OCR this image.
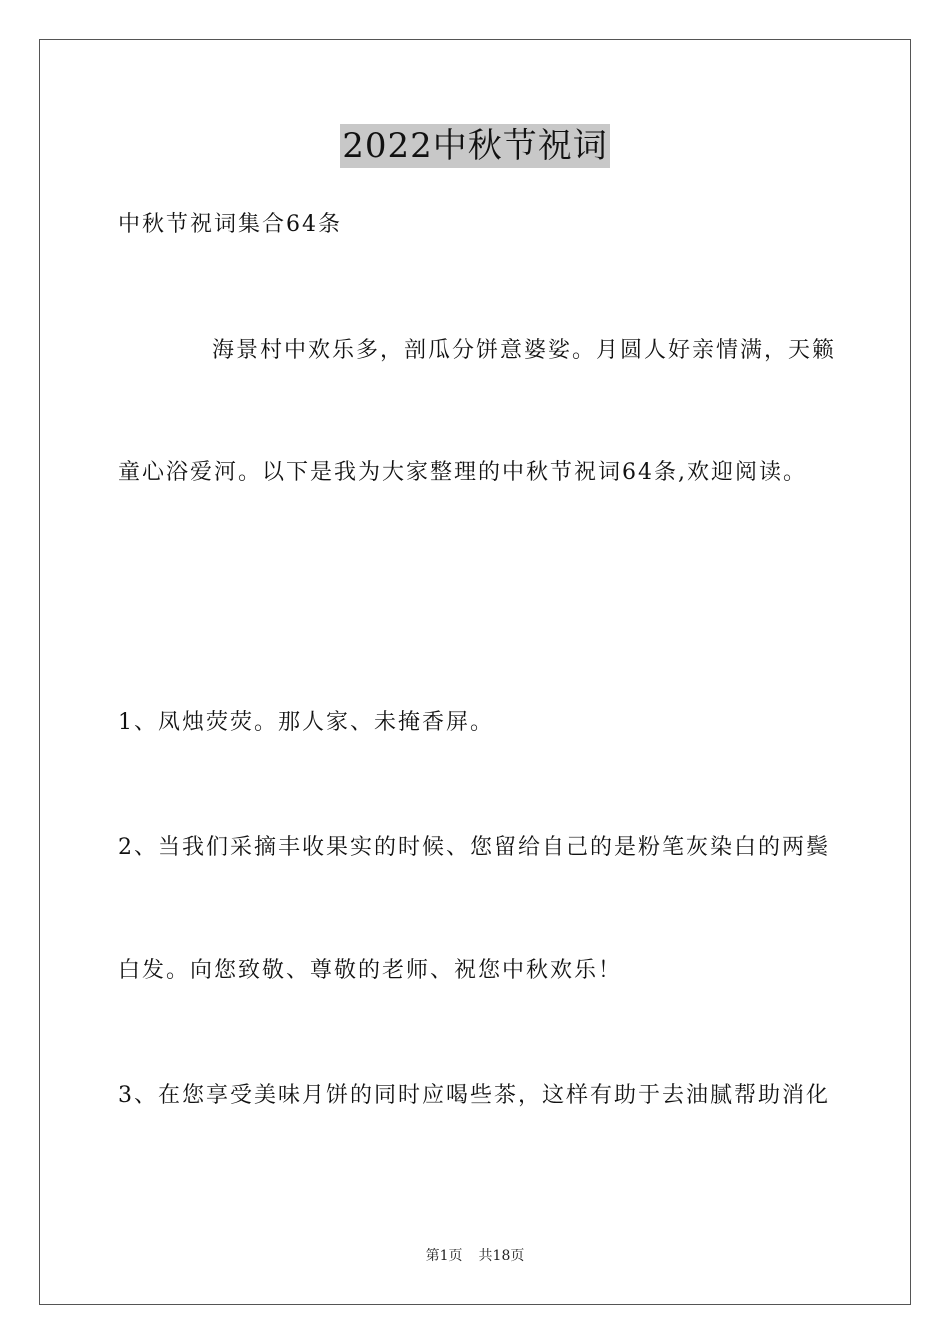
2022中秋节祝词
中秋节祝词集合64条
海景村中欢乐多，剖瓜分饼意婆娑。月圆人好亲情满，天籁
童心浴爱河。以下是我为大家整理的中秋节祝词64条,欢迎阅读。
1、凤烛荧荧。那人家、未掩香屏。
2、当我们采摘丰收果实的时候、您留给自己的是粉笔灰染白的两鬓
白发。向您致敬、尊敬的老师、祝您中秋欢乐！
3、在您享受美味月饼的同时应喝些茶，这样有助于去油腻帮助消化
第1页 共18页
